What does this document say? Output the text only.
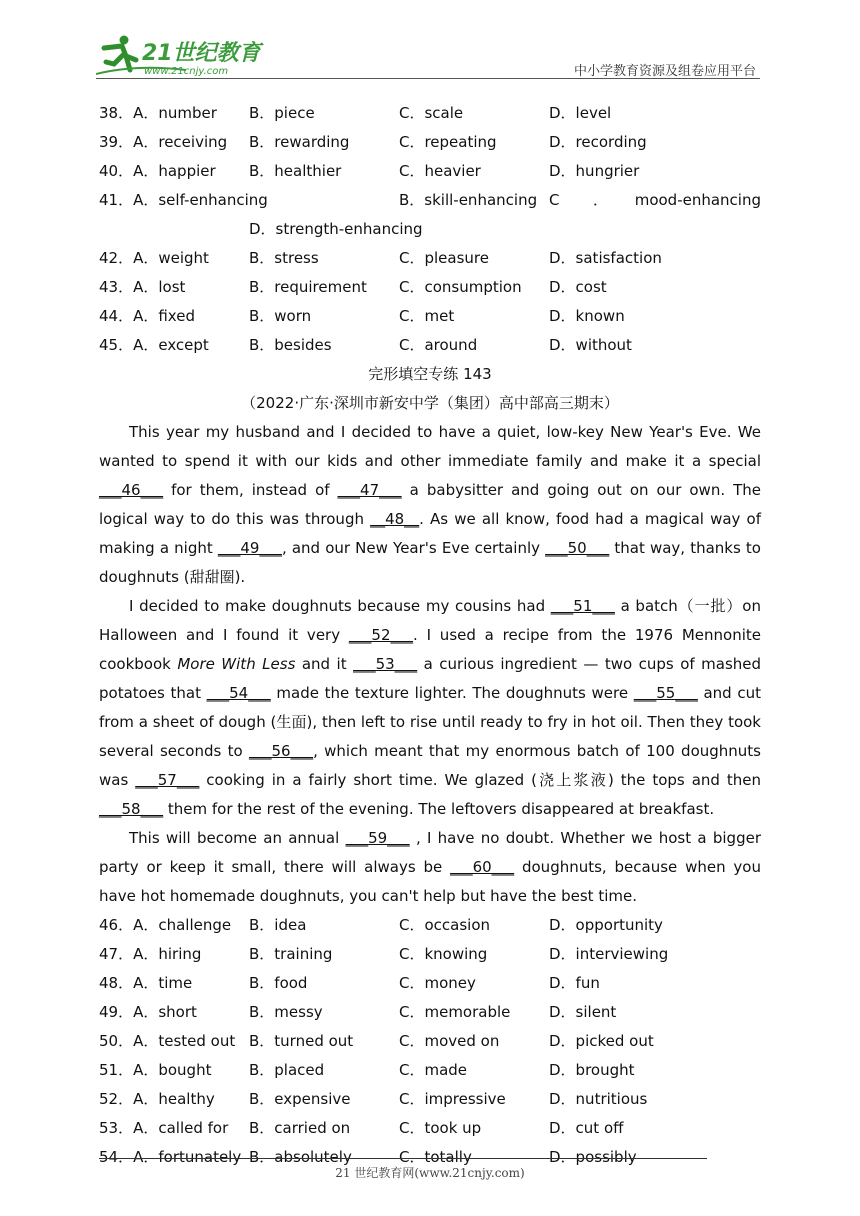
21世纪教育
www.21cnjy.com	中小学教育资源及组卷应用平台
38．A．number B．piece	C．scale	D．level
39．A．receiving B．rewarding	C．repeating	D．recording
40．A．happier B．healthier	C．heavier	D．hungrier
41．A．self-enhancing	B．skill-enhancing C ． mood-enhancing
D．strength-enhancing
42．A．weight	B．stress	C．pleasure	D．satisfaction
43．A．lost	B．requirement C．consumption D．cost
44．A．fixed	B．worn	C．met	D．known
45．A．except	B．besides	C．around	D．without
完形填空专练 143
（2022·广东·深圳市新安中学（集团）高中部高三期末）

This year my husband and I decided to have a quiet, low-key New Year's Eve. We wanted to spend it with our kids and other immediate family and make it a special ___46___ for them, instead of ___47___ a babysitter and going out on our own. The logical way to do this was through __48__. As we all know, food had a magical way of making a night ___49___, and our New Year's Eve certainly ___50___ that way, thanks to doughnuts (甜甜圈).

I decided to make doughnuts because my cousins had ___51___ a batch（一批）on Halloween and I found it very ___52___. I used a recipe from the 1976 Mennonite cookbook More With Less and it ___53___ a curious ingredient — two cups of mashed potatoes that ___54___ made the texture lighter. The doughnuts were ___55___ and cut from a sheet of dough (生面), then left to rise until ready to fry in hot oil. Then they took several seconds to ___56___, which meant that my enormous batch of 100 doughnuts was ___57___ cooking in a fairly short time. We glazed (浇上浆液) the tops and then ___58___ them for the rest of the evening. The leftovers disappeared at breakfast.

This will become an annual ___59___ , I have no doubt. Whether we host a bigger party or keep it small, there will always be ___60___ doughnuts, because when you have hot homemade doughnuts, you can't help but have the best time.

46．A．challenge B．idea	C．occasion	D．opportunity
47．A．hiring	B．training	C．knowing	D．interviewing
48．A．time	B．food	C．money	D．fun
49．A．short	B．messy	C．memorable	D．silent
50．A．tested out B．turned out	C．moved on	D．picked out
51．A．bought	B．placed	C．made	D．brought
52．A．healthy B．expensive	C．impressive	D．nutritious
53．A．called for B．carried on	C．took up	D．cut off
54．A．fortunately B．absolutely	C．totally	D．possibly
21 世纪教育网(www.21cnjy.com)
